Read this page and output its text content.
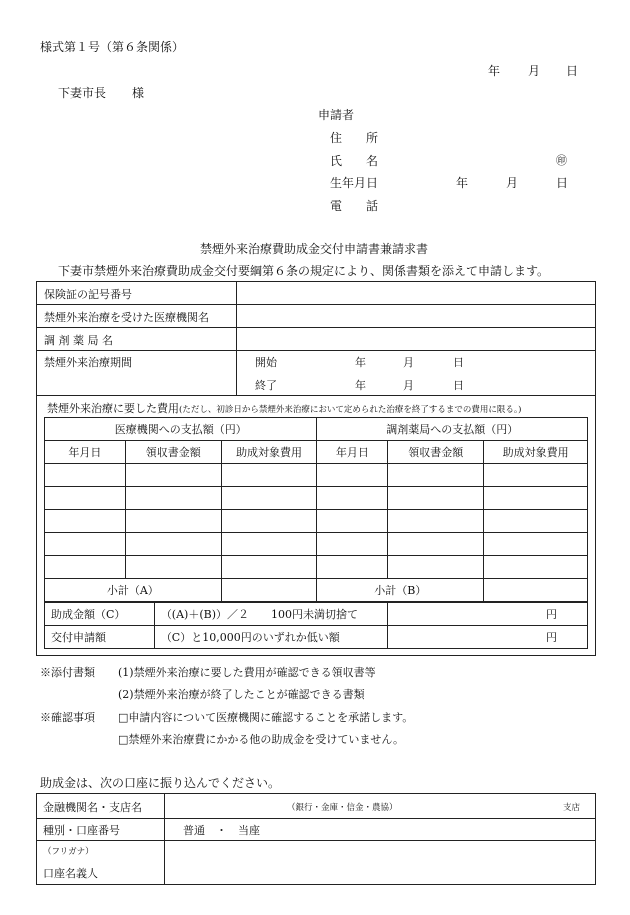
様式第１号（第６条関係）
年 月 日
下妻市長 様
申請者
住　　所
氏　　名	㊞
生年月日	年	月	日
電　　話
禁煙外来治療費助成金交付申請書兼請求書
下妻市禁煙外来治療費助成金交付要綱第６条の規定により、関係書類を添えて申請します。
保険証の記号番号
禁煙外来治療を受けた医療機関名
調 剤 薬 局 名
禁煙外来治療期間	開始	年	月	日
終了	年	月	日
禁煙外来治療に要した費用(ただし、初診日から禁煙外来治療において定められた治療を終了するまでの費用に限る。)
医療機関への支払額（円）			調剤薬局への支払額（円）		
年月日	領収書金額	助成対象費用	年月日	領収書金額	助成対象費用

小計（A）			小計（B）		
助成金額（C）	（(A)＋(B)）／２　　100円未満切捨て	円
交付申請額	（C）と10,000円のいずれか低い額	円
※添付書類 (1)禁煙外来治療に要した費用が確認できる領収書等
(2)禁煙外来治療が終了したことが確認できる書類
※確認事項 □申請内容について医療機関に確認することを承諾します。
□禁煙外来治療費にかかる他の助成金を受けていません。
助成金は、次の口座に振り込んでください。
金融機関名・支店名	（銀行・金庫・信金・農協）	支店
種別・口座番号	普通　・　当座
（フリガナ）
口座名義人
